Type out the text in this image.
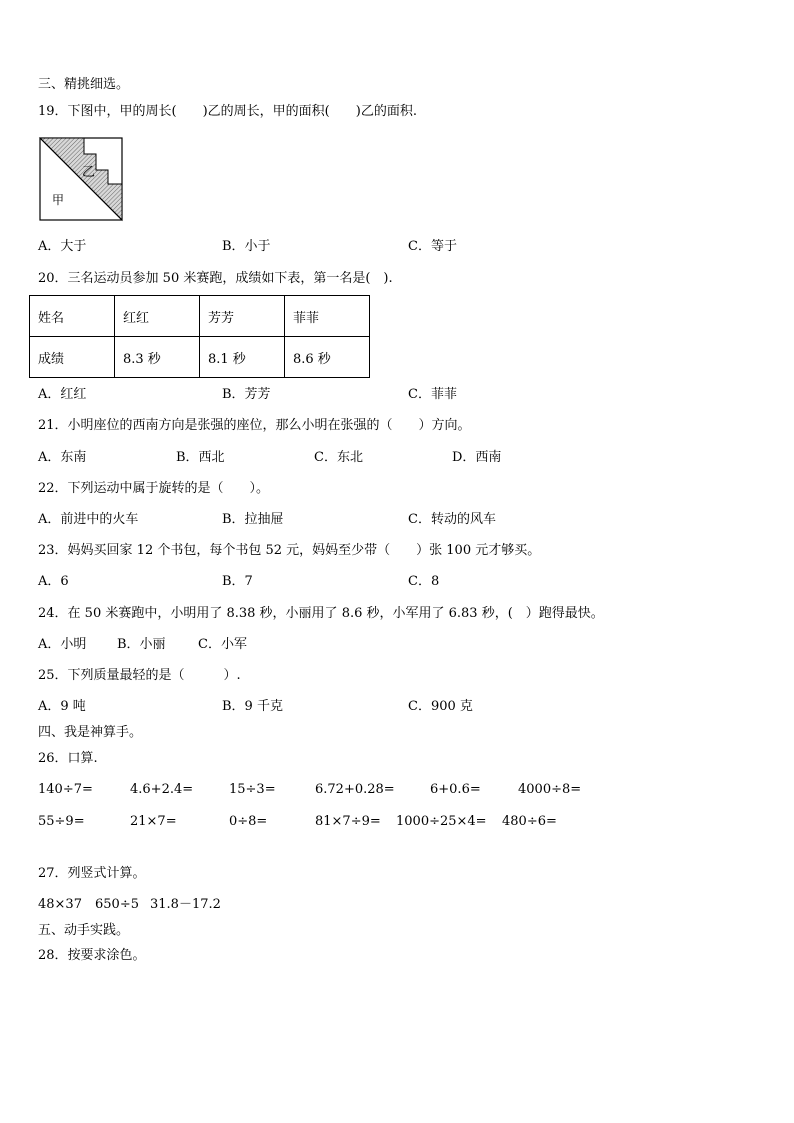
三、精挑细选。
19．下图中，甲的周长(　　)乙的周长，甲的面积(　　)乙的面积.
乙
甲
A．大于	B．小于	C．等于
20．三名运动员参加 50 米赛跑，成绩如下表，第一名是(　).
姓名	红红	芳芳	菲菲
成绩	8.3 秒	8.1 秒	8.6 秒
A．红红	B．芳芳	C．菲菲
21．小明座位的西南方向是张强的座位，那么小明在张强的（　　）方向。
A．东南	B．西北	C．东北	D．西南
22．下列运动中属于旋转的是（　　）。
A．前进中的火车	B．拉抽屉	C．转动的风车
23．妈妈买回家 12 个书包，每个书包 52 元，妈妈至少带（　　）张 100 元才够买。
A．6	B．7	C．8
24．在 50 米赛跑中，小明用了 8.38 秒，小丽用了 8.6 秒，小军用了 6.83 秒，(　）跑得最快。
A．小明 B．小丽 C．小军
25．下列质量最轻的是（　　　）.
A．9 吨	B．9 千克	C．900 克
四、我是神算手。
26．口算.
140÷7=	4.6+2.4=	15÷3=	6.72+0.28=	6+0.6=	4000÷8=
55÷9=	21×7=	0÷8=	81×7÷9= 1000÷25×4= 480÷6=
27．列竖式计算。
48×37 650÷5 31.8－17.2
五、动手实践。
28．按要求涂色。
